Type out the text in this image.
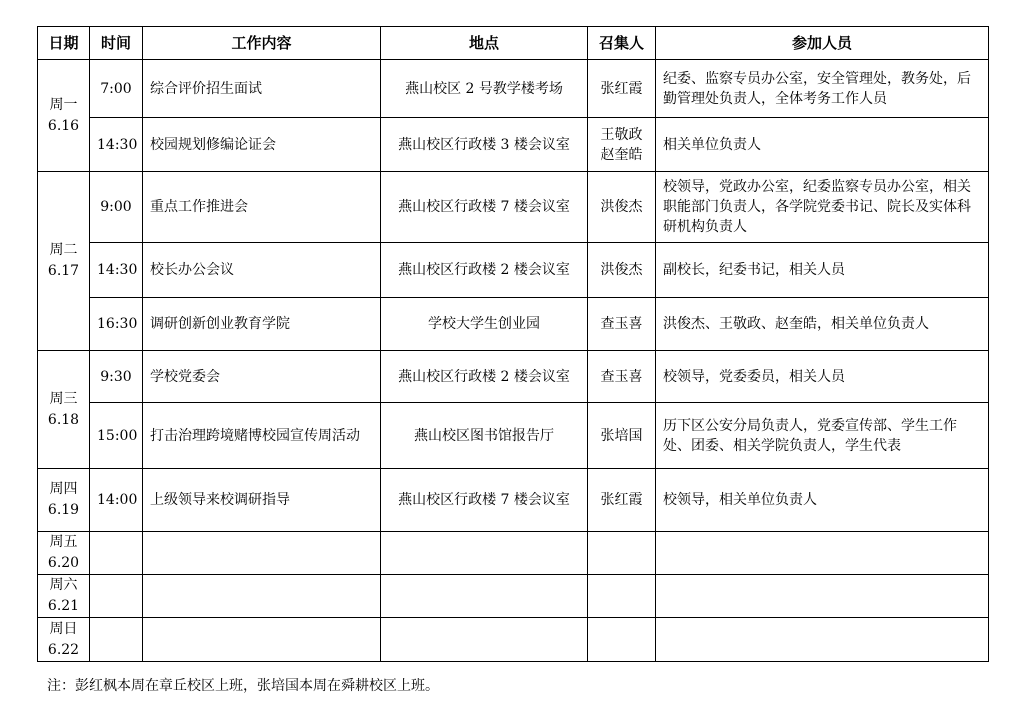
日期	时间	工作内容	地点	召集人	参加人员

周一
6.16	7:00	综合评价招生面试	燕山校区 2 号教学楼考场	张红霞	纪委、监察专员办公室，安全管理处，教务处，后勤管理处负责人，全体考务工作人员
	14:30	校园规划修编论证会	燕山校区行政楼 3 楼会议室	王敬政 赵奎皓	相关单位负责人

周二
6.17	9:00	重点工作推进会	燕山校区行政楼 7 楼会议室	洪俊杰	校领导，党政办公室，纪委监察专员办公室，相关职能部门负责人，各学院党委书记、院长及实体科研机构负责人
	14:30	校长办公会议	燕山校区行政楼 2 楼会议室	洪俊杰	副校长，纪委书记，相关人员
	16:30	调研创新创业教育学院	学校大学生创业园	查玉喜	洪俊杰、王敬政、赵奎皓，相关单位负责人

周三
6.18	9:30	学校党委会	燕山校区行政楼 2 楼会议室	查玉喜	校领导，党委委员，相关人员
	15:00	打击治理跨境赌博校园宣传周活动	燕山校区图书馆报告厅	张培国	历下区公安分局负责人，党委宣传部、学生工作处、团委、相关学院负责人，学生代表

周四
6.19	14:00	上级领导来校调研指导	燕山校区行政楼 7 楼会议室	张红霞	校领导，相关单位负责人

周五
6.20					

周六
6.21					

周日
6.22					

注：彭红枫本周在章丘校区上班，张培国本周在舜耕校区上班。
